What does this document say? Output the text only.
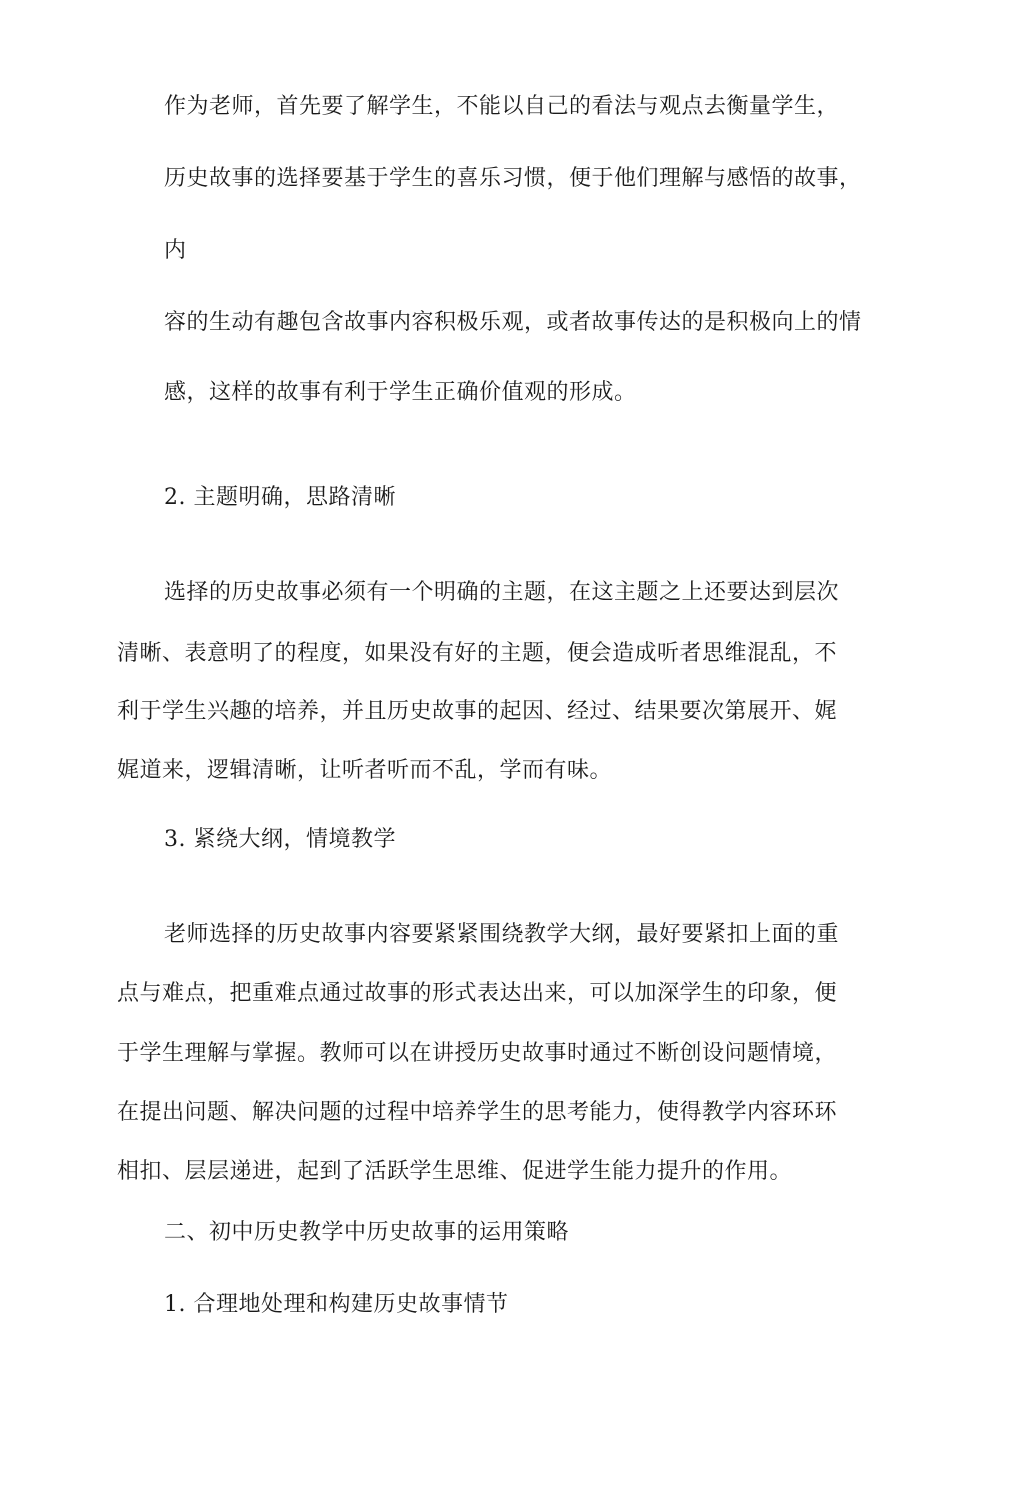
作为老师，首先要了解学生，不能以自己的看法与观点去衡量学生，
历史故事的选择要基于学生的喜乐习惯，便于他们理解与感悟的故事，
内
容的生动有趣包含故事内容积极乐观，或者故事传达的是积极向上的情
感，这样的故事有利于学生正确价值观的形成。
2. 主题明确，思路清晰
选择的历史故事必须有一个明确的主题，在这主题之上还要达到层次
清晰、表意明了的程度，如果没有好的主题，便会造成听者思维混乱，不
利于学生兴趣的培养，并且历史故事的起因、经过、结果要次第展开、娓
娓道来，逻辑清晰，让听者听而不乱，学而有味。
3. 紧绕大纲，情境教学
老师选择的历史故事内容要紧紧围绕教学大纲，最好要紧扣上面的重
点与难点，把重难点通过故事的形式表达出来，可以加深学生的印象，便
于学生理解与掌握。教师可以在讲授历史故事时通过不断创设问题情境，
在提出问题、解决问题的过程中培养学生的思考能力，使得教学内容环环
相扣、层层递进，起到了活跃学生思维、促进学生能力提升的作用。
二、初中历史教学中历史故事的运用策略
1. 合理地处理和构建历史故事情节
